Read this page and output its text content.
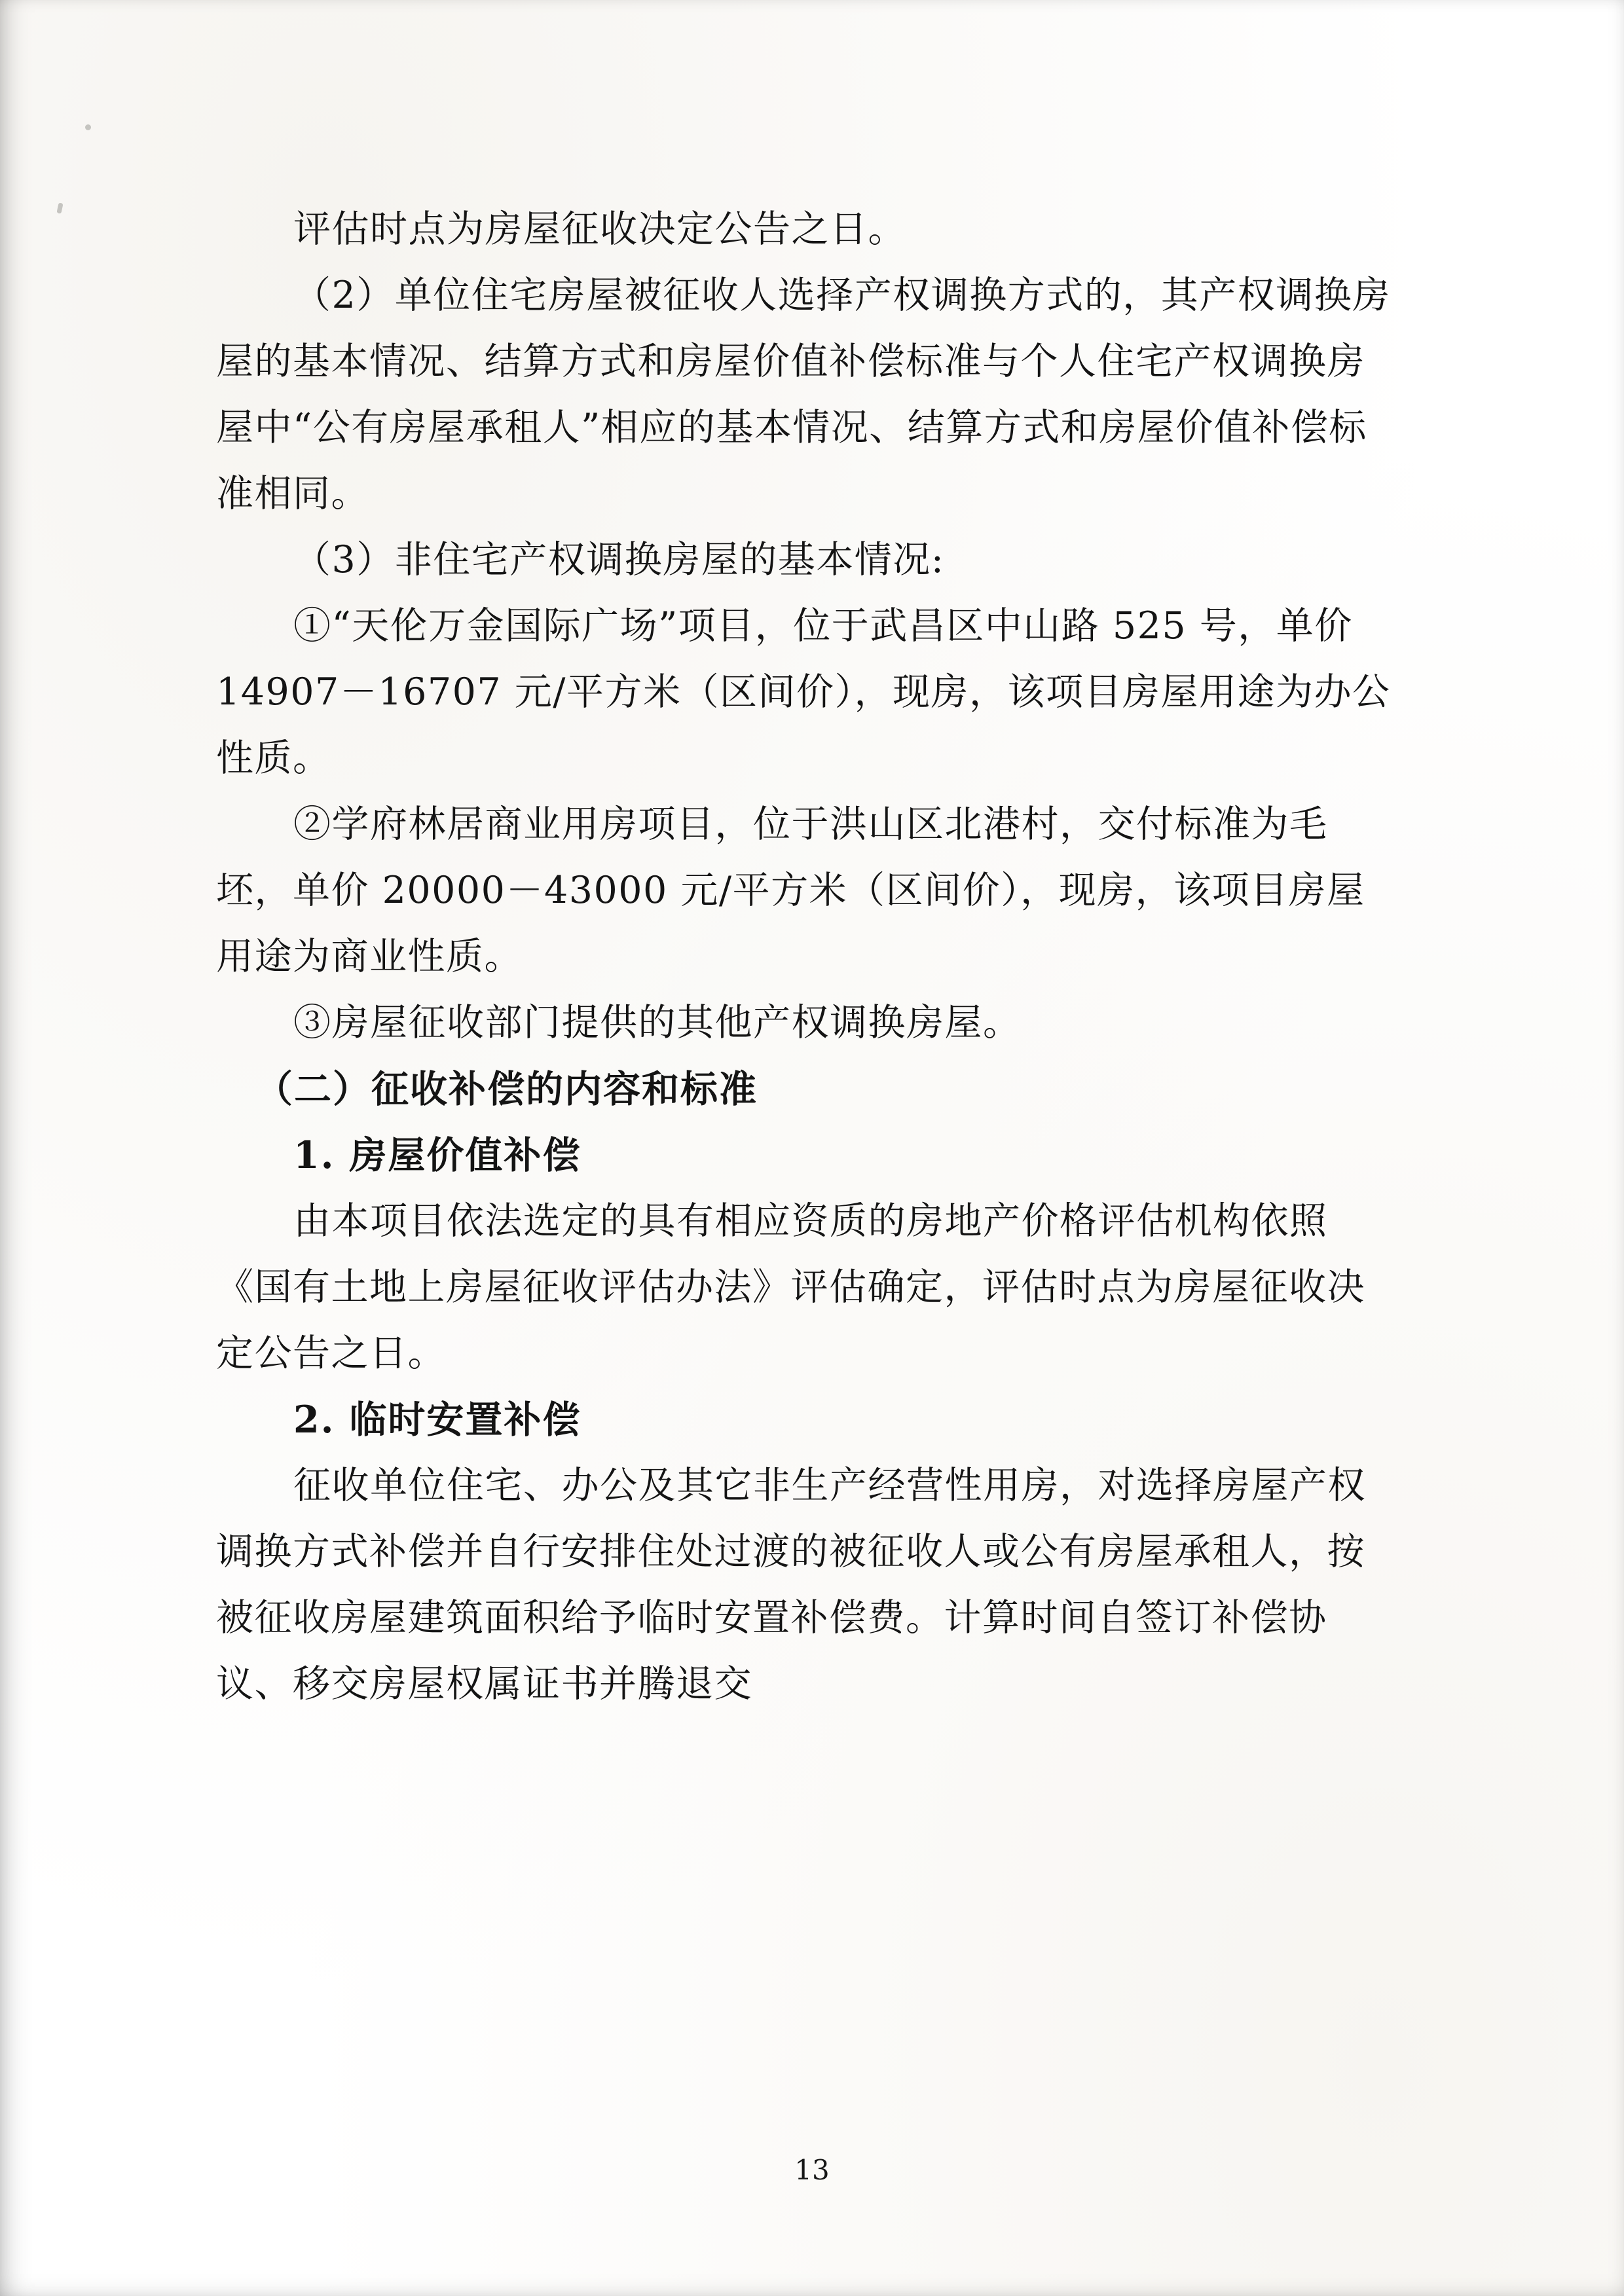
评估时点为房屋征收决定公告之日。

（2）单位住宅房屋被征收人选择产权调换方式的，其产权调换房屋的基本情况、结算方式和房屋价值补偿标准与个人住宅产权调换房屋中“公有房屋承租人”相应的基本情况、结算方式和房屋价值补偿标准相同。

（3）非住宅产权调换房屋的基本情况:

①“天伦万金国际广场”项目，位于武昌区中山路 525 号，单价 14907－16707 元/平方米（区间价），现房，该项目房屋用途为办公性质。

②学府林居商业用房项目，位于洪山区北港村，交付标准为毛坯，单价 20000－43000 元/平方米（区间价），现房，该项目房屋用途为商业性质。

③房屋征收部门提供的其他产权调换房屋。

（二）征收补偿的内容和标准

1. 房屋价值补偿

由本项目依法选定的具有相应资质的房地产价格评估机构依照《国有土地上房屋征收评估办法》评估确定，评估时点为房屋征收决定公告之日。

2. 临时安置补偿

征收单位住宅、办公及其它非生产经营性用房，对选择房屋产权调换方式补偿并自行安排住处过渡的被征收人或公有房屋承租人，按被征收房屋建筑面积给予临时安置补偿费。计算时间自签订补偿协议、移交房屋权属证书并腾退交

13
